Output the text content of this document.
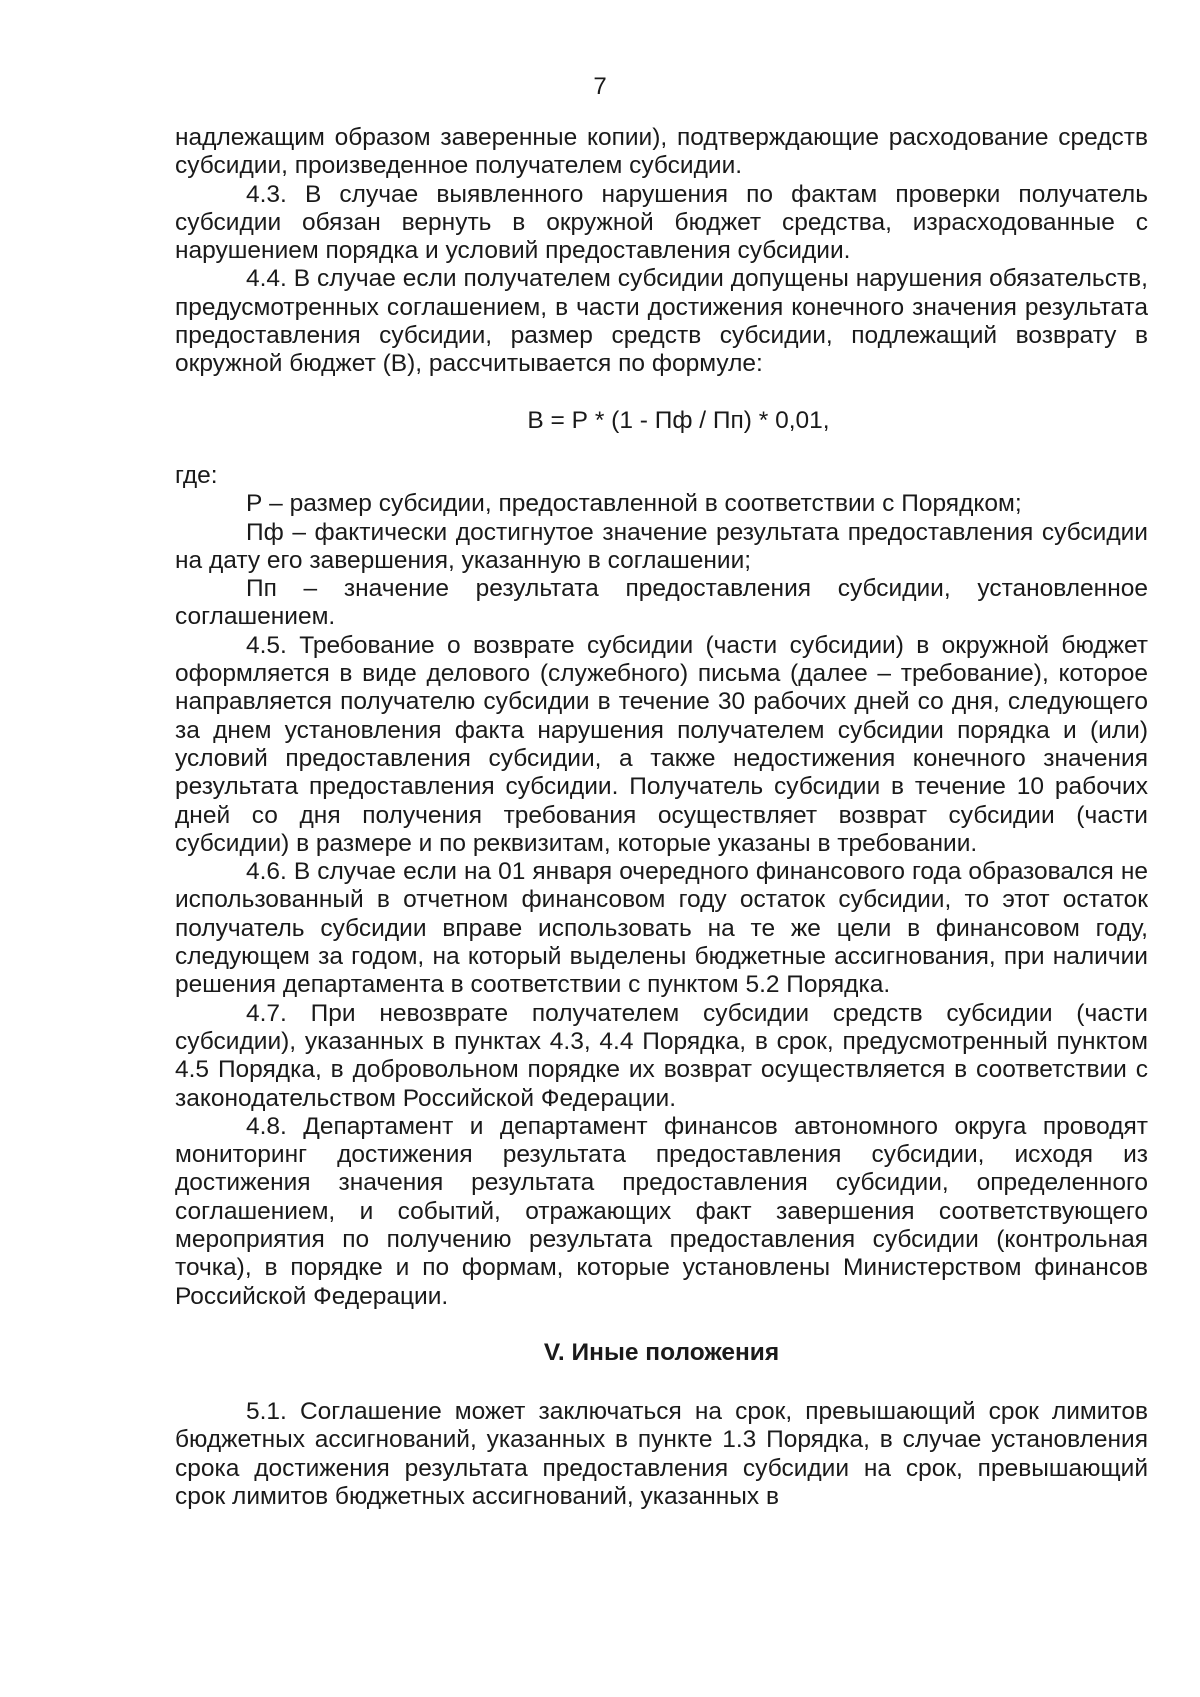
7

надлежащим образом заверенные копии), подтверждающие расходование средств субсидии, произведенное получателем субсидии.

4.3. В случае выявленного нарушения по фактам проверки получатель субсидии обязан вернуть в окружной бюджет средства, израсходованные с нарушением порядка и условий предоставления субсидии.

4.4. В случае если получателем субсидии допущены нарушения обязательств, предусмотренных соглашением, в части достижения конечного значения результата предоставления субсидии, размер средств субсидии, подлежащий возврату в окружной бюджет (В), рассчитывается по формуле:

В = Р * (1 - Пф / Пп) * 0,01,

где:

Р – размер субсидии, предоставленной в соответствии с Порядком;

Пф – фактически достигнутое значение результата предоставления субсидии на дату его завершения, указанную в соглашении;

Пп – значение результата предоставления субсидии, установленное соглашением.

4.5. Требование о возврате субсидии (части субсидии) в окружной бюджет оформляется в виде делового (служебного) письма (далее – требование), которое направляется получателю субсидии в течение 30 рабочих дней со дня, следующего за днем установления факта нарушения получателем субсидии порядка и (или) условий предоставления субсидии, а также недостижения конечного значения результата предоставления субсидии. Получатель субсидии в течение 10 рабочих дней со дня получения требования осуществляет возврат субсидии (части субсидии) в размере и по реквизитам, которые указаны в требовании.

4.6. В случае если на 01 января очередного финансового года образовался не использованный в отчетном финансовом году остаток субсидии, то этот остаток получатель субсидии вправе использовать на те же цели в финансовом году, следующем за годом, на который выделены бюджетные ассигнования, при наличии решения департамента в соответствии с пунктом 5.2 Порядка.

4.7. При невозврате получателем субсидии средств субсидии (части субсидии), указанных в пунктах 4.3, 4.4 Порядка, в срок, предусмотренный пунктом 4.5 Порядка, в добровольном порядке их возврат осуществляется в соответствии с законодательством Российской Федерации.

4.8. Департамент и департамент финансов автономного округа проводят мониторинг достижения результата предоставления субсидии, исходя из достижения значения результата предоставления субсидии, определенного соглашением, и событий, отражающих факт завершения соответствующего мероприятия по получению результата предоставления субсидии (контрольная точка), в порядке и по формам, которые установлены Министерством финансов Российской Федерации.

V. Иные положения

5.1. Соглашение может заключаться на срок, превышающий срок лимитов бюджетных ассигнований, указанных в пункте 1.3 Порядка, в случае установления срока достижения результата предоставления субсидии на срок, превышающий срок лимитов бюджетных ассигнований, указанных в
